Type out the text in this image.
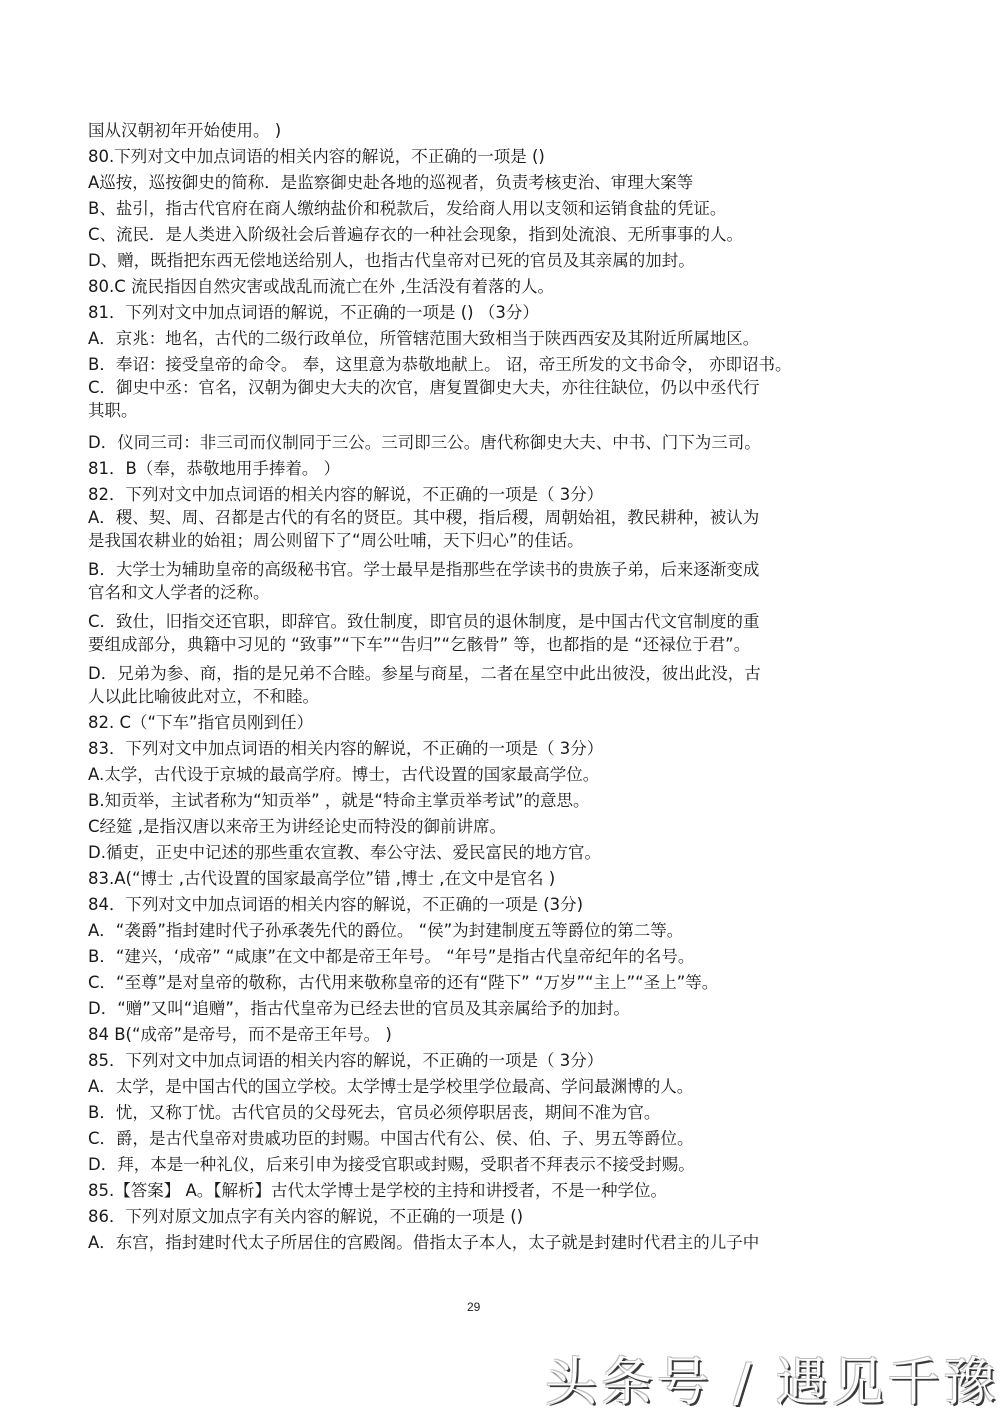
国从汉朝初年开始使用。 )
80.下列对文中加点词语的相关内容的解说，不正确的一项是 ()
A巡按，巡按御史的简称．是监察御史赴各地的巡视者，负责考核吏治、审理大案等
B、盐引，指古代官府在商人缴纳盐价和税款后，发给商人用以支领和运销食盐的凭证。
C、流民．是人类进入阶级社会后普遍存衣的一种社会现象，指到处流浪、无所事事的人。
D、赠，既指把东西无偿地送给别人，也指古代皇帝对已死的官员及其亲属的加封。
80.C 流民指因自然灾害或战乱而流亡在外 ,生活没有着落的人。
81．下列对文中加点词语的解说，不正确的一项是 () （3分）
A．京兆：地名，古代的二级行政单位，所管辖范围大致相当于陕西西安及其附近所属地区。
B．奉诏：接受皇帝的命令。 奉，这里意为恭敬地献上。 诏，帝王所发的文书命令， 亦即诏书。
C．御史中丞：官名，汉朝为御史大夫的次官，唐复置御史大夫，亦往往缺位，仍以中丞代行
其职。
D．仪同三司：非三司而仪制同于三公。三司即三公。唐代称御史大夫、中书、门下为三司。
81．B（奉，恭敬地用手捧着。 ）
82．下列对文中加点词语的相关内容的解说，不正确的一项是（ 3分）
A．稷、契、周、召都是古代的有名的贤臣。其中稷，指后稷，周朝始祖，教民耕种，被认为
是我国农耕业的始祖；周公则留下了“周公吐哺，天下归心”的佳话。
B．大学士为辅助皇帝的高级秘书官。学士最早是指那些在学读书的贵族子弟，后来逐渐变成
官名和文人学者的泛称。
C．致仕，旧指交还官职，即辞官。致仕制度，即官员的退休制度，是中国古代文官制度的重
要组成部分，典籍中习见的 “致事”“下车”“告归”“乞骸骨” 等，也都指的是 “还禄位于君”。
D．兄弟为参、商，指的是兄弟不合睦。参星与商星，二者在星空中此出彼没，彼出此没，古
人以此比喻彼此对立，不和睦。
82. C（“下车”指官员刚到任）
83．下列对文中加点词语的相关内容的解说，不正确的一项是（ 3分）
A.太学，古代设于京城的最高学府。博士，古代设置的国家最高学位。
B.知贡举，主试者称为“知贡举” ，就是“特命主掌贡举考试”的意思。
C经筵 ,是指汉唐以来帝王为讲经论史而特没的御前讲席。
D.循吏，正史中记述的那些重农宣教、奉公守法、爱民富民的地方官。
83.A(“博士 ,古代设置的国家最高学位”错 ,博士 ,在文中是官名 )
84．下列对文中加点词语的相关内容的解说，不正确的一项是 (3分)
A．“袭爵”指封建时代子孙承袭先代的爵位。 “侯”为封建制度五等爵位的第二等。
B．“建兴，‘成帝” “咸康”在文中都是帝王年号。 “年号”是指古代皇帝纪年的名号。
C．“至尊”是对皇帝的敬称，古代用来敬称皇帝的还有“陛下” “万岁”“主上”“圣上”等。
D．“赠”又叫“追赠”，指古代皇帝为已经去世的官员及其亲属给予的加封。
84 B(“成帝”是帝号，而不是帝王年号。 )
85．下列对文中加点词语的相关内容的解说，不正确的一项是（ 3分）
A．太学，是中国古代的国立学校。太学博士是学校里学位最高、学问最渊博的人。
B．忧，又称丁忧。古代官员的父母死去，官员必须停职居丧，期间不准为官。
C．爵，是古代皇帝对贵戚功臣的封赐。中国古代有公、侯、伯、子、男五等爵位。
D．拜，本是一种礼仪，后来引申为接受官职或封赐，受职者不拜表示不接受封赐。
85.【答案】 A。【解析】古代太学博士是学校的主持和讲授者，不是一种学位。
86．下列对原文加点字有关内容的解说，不正确的一项是 ()
A．东宫，指封建时代太子所居住的宫殿阁。借指太子本人，太子就是封建时代君主的儿子中
29
头条号 / 遇见千豫
